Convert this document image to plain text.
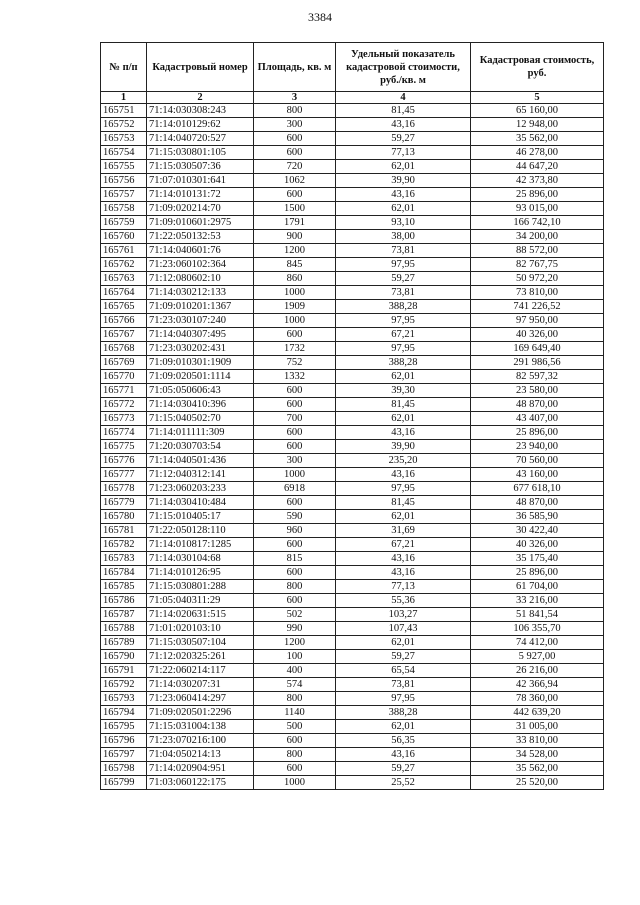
3384
№ п/п	Кадастровый номер	Площадь, кв. м	Удельный показатель кадастровой стоимости, руб./кв. м	Кадастровая стоимость, руб.
1	2	3	4	5
165751	71:14:030308:243	800	81,45	65 160,00
165752	71:14:010129:62	300	43,16	12 948,00
165753	71:14:040720:527	600	59,27	35 562,00
165754	71:15:030801:105	600	77,13	46 278,00
165755	71:15:030507:36	720	62,01	44 647,20
165756	71:07:010301:641	1062	39,90	42 373,80
165757	71:14:010131:72	600	43,16	25 896,00
165758	71:09:020214:70	1500	62,01	93 015,00
165759	71:09:010601:2975	1791	93,10	166 742,10
165760	71:22:050132:53	900	38,00	34 200,00
165761	71:14:040601:76	1200	73,81	88 572,00
165762	71:23:060102:364	845	97,95	82 767,75
165763	71:12:080602:10	860	59,27	50 972,20
165764	71:14:030212:133	1000	73,81	73 810,00
165765	71:09:010201:1367	1909	388,28	741 226,52
165766	71:23:030107:240	1000	97,95	97 950,00
165767	71:14:040307:495	600	67,21	40 326,00
165768	71:23:030202:431	1732	97,95	169 649,40
165769	71:09:010301:1909	752	388,28	291 986,56
165770	71:09:020501:1114	1332	62,01	82 597,32
165771	71:05:050606:43	600	39,30	23 580,00
165772	71:14:030410:396	600	81,45	48 870,00
165773	71:15:040502:70	700	62,01	43 407,00
165774	71:14:011111:309	600	43,16	25 896,00
165775	71:20:030703:54	600	39,90	23 940,00
165776	71:14:040501:436	300	235,20	70 560,00
165777	71:12:040312:141	1000	43,16	43 160,00
165778	71:23:060203:233	6918	97,95	677 618,10
165779	71:14:030410:484	600	81,45	48 870,00
165780	71:15:010405:17	590	62,01	36 585,90
165781	71:22:050128:110	960	31,69	30 422,40
165782	71:14:010817:1285	600	67,21	40 326,00
165783	71:14:030104:68	815	43,16	35 175,40
165784	71:14:010126:95	600	43,16	25 896,00
165785	71:15:030801:288	800	77,13	61 704,00
165786	71:05:040311:29	600	55,36	33 216,00
165787	71:14:020631:515	502	103,27	51 841,54
165788	71:01:020103:10	990	107,43	106 355,70
165789	71:15:030507:104	1200	62,01	74 412,00
165790	71:12:020325:261	100	59,27	5 927,00
165791	71:22:060214:117	400	65,54	26 216,00
165792	71:14:030207:31	574	73,81	42 366,94
165793	71:23:060414:297	800	97,95	78 360,00
165794	71:09:020501:2296	1140	388,28	442 639,20
165795	71:15:031004:138	500	62,01	31 005,00
165796	71:23:070216:100	600	56,35	33 810,00
165797	71:04:050214:13	800	43,16	34 528,00
165798	71:14:020904:951	600	59,27	35 562,00
165799	71:03:060122:175	1000	25,52	25 520,00
